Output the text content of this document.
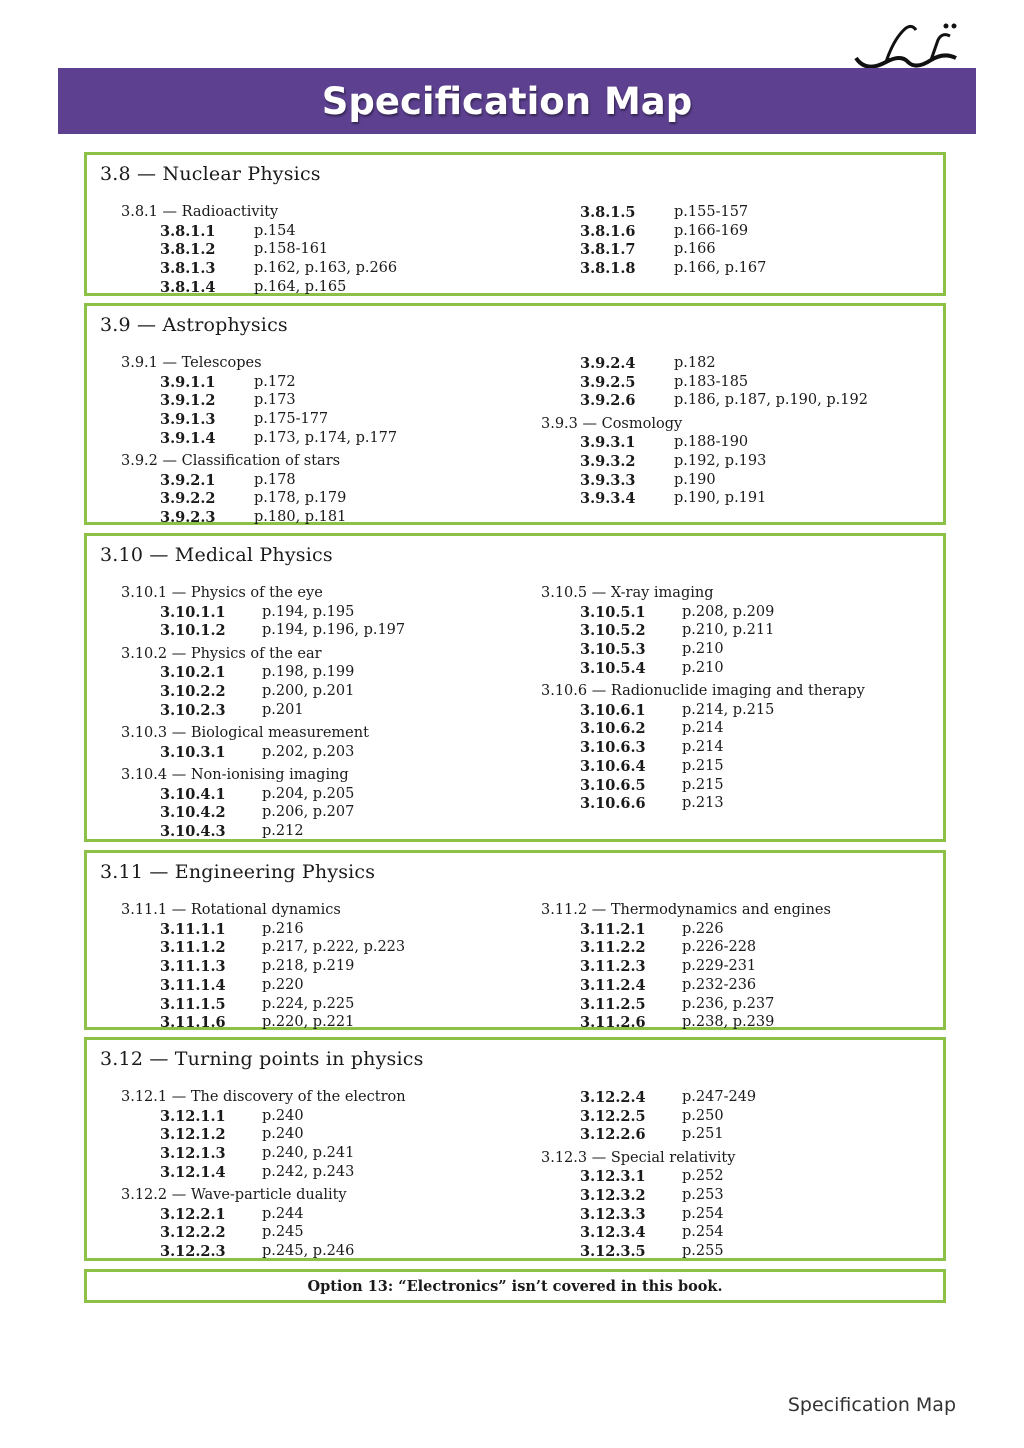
Specification Map
3.8 — Nuclear Physics
3.8.1 — Radioactivity
3.8.1.1	p.154
3.8.1.2	p.158-161
3.8.1.3	p.162, p.163, p.266
3.8.1.4	p.164, p.165
3.8.1.5	p.155-157
3.8.1.6	p.166-169
3.8.1.7	p.166
3.8.1.8	p.166, p.167
3.9 — Astrophysics
3.9.1 — Telescopes
3.9.1.1	p.172
3.9.1.2	p.173
3.9.1.3	p.175-177
3.9.1.4	p.173, p.174, p.177
3.9.2 — Classification of stars
3.9.2.1	p.178
3.9.2.2	p.178, p.179
3.9.2.3	p.180, p.181
3.9.2.4	p.182
3.9.2.5	p.183-185
3.9.2.6	p.186, p.187, p.190, p.192
3.9.3 — Cosmology
3.9.3.1	p.188-190
3.9.3.2	p.192, p.193
3.9.3.3	p.190
3.9.3.4	p.190, p.191
3.10 — Medical Physics
3.10.1 — Physics of the eye
3.10.1.1	p.194, p.195
3.10.1.2	p.194, p.196, p.197
3.10.2 — Physics of the ear
3.10.2.1	p.198, p.199
3.10.2.2	p.200, p.201
3.10.2.3	p.201
3.10.3 — Biological measurement
3.10.3.1	p.202, p.203
3.10.4 — Non-ionising imaging
3.10.4.1	p.204, p.205
3.10.4.2	p.206, p.207
3.10.4.3	p.212
3.10.5 — X-ray imaging
3.10.5.1	p.208, p.209
3.10.5.2	p.210, p.211
3.10.5.3	p.210
3.10.5.4	p.210
3.10.6 — Radionuclide imaging and therapy
3.10.6.1	p.214, p.215
3.10.6.2	p.214
3.10.6.3	p.214
3.10.6.4	p.215
3.10.6.5	p.215
3.10.6.6	p.213
3.11 — Engineering Physics
3.11.1 — Rotational dynamics
3.11.1.1	p.216
3.11.1.2	p.217, p.222, p.223
3.11.1.3	p.218, p.219
3.11.1.4	p.220
3.11.1.5	p.224, p.225
3.11.1.6	p.220, p.221
3.11.2 — Thermodynamics and engines
3.11.2.1	p.226
3.11.2.2	p.226-228
3.11.2.3	p.229-231
3.11.2.4	p.232-236
3.11.2.5	p.236, p.237
3.11.2.6	p.238, p.239
3.12 — Turning points in physics
3.12.1 — The discovery of the electron
3.12.1.1	p.240
3.12.1.2	p.240
3.12.1.3	p.240, p.241
3.12.1.4	p.242, p.243
3.12.2 — Wave-particle duality
3.12.2.1	p.244
3.12.2.2	p.245
3.12.2.3	p.245, p.246
3.12.2.4	p.247-249
3.12.2.5	p.250
3.12.2.6	p.251
3.12.3 — Special relativity
3.12.3.1	p.252
3.12.3.2	p.253
3.12.3.3	p.254
3.12.3.4	p.254
3.12.3.5	p.255
Option 13: “Electronics” isn’t covered in this book.
Specification Map
